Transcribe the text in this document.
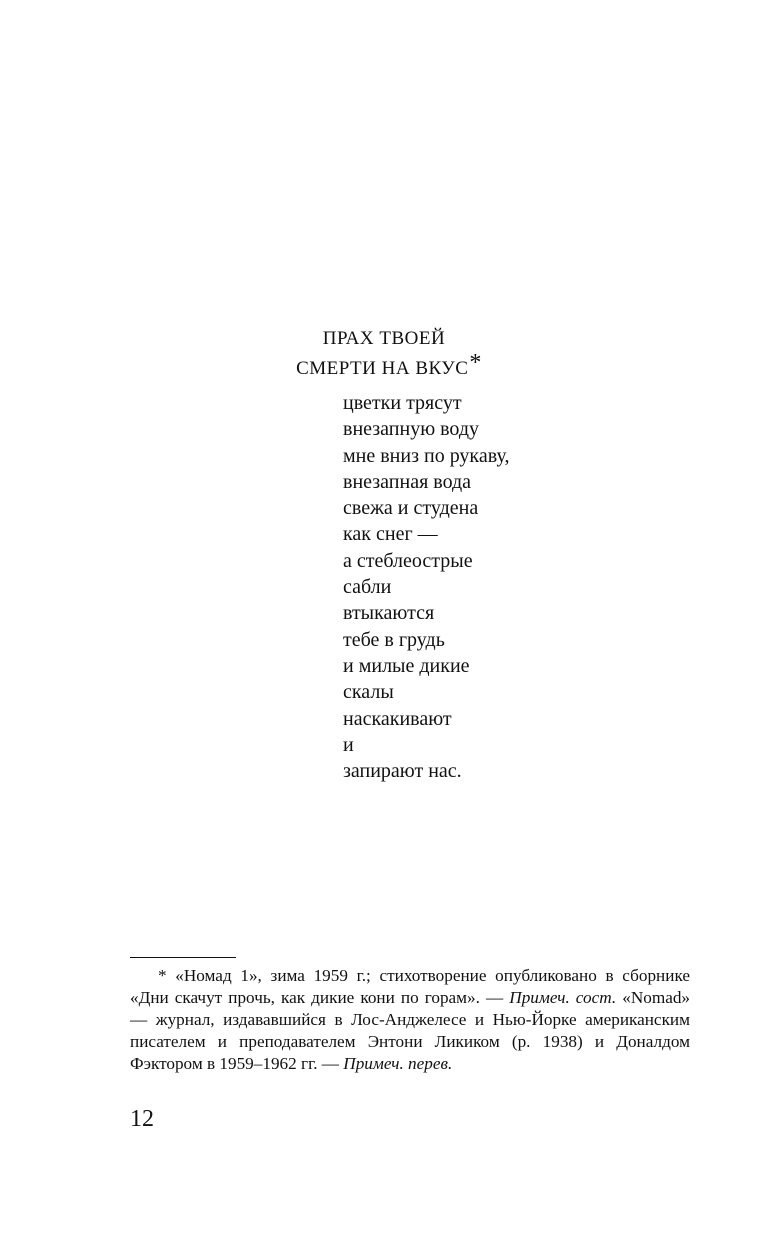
ПРАХ ТВОЕЙ
СМЕРТИ НА ВКУС*
цветки трясут
внезапную воду
мне вниз по рукаву,
внезапная вода
свежа и студена
как снег —
а стеблеострые
сабли
втыкаются
тебе в грудь
и милые дикие
скалы
наскакивают
и
запирают нас.

* «Номад 1», зима 1959 г.; стихотворение опубликовано в сборнике «Дни скачут прочь, как дикие кони по горам». — Примеч. сост. «Nomad» — журнал, издававшийся в Лос-Анджелесе и Нью-Йорке американским писателем и преподавателем Энтони Ликиком (р. 1938) и Доналдом Фэктором в 1959–1962 гг. — Примеч. перев.

12
